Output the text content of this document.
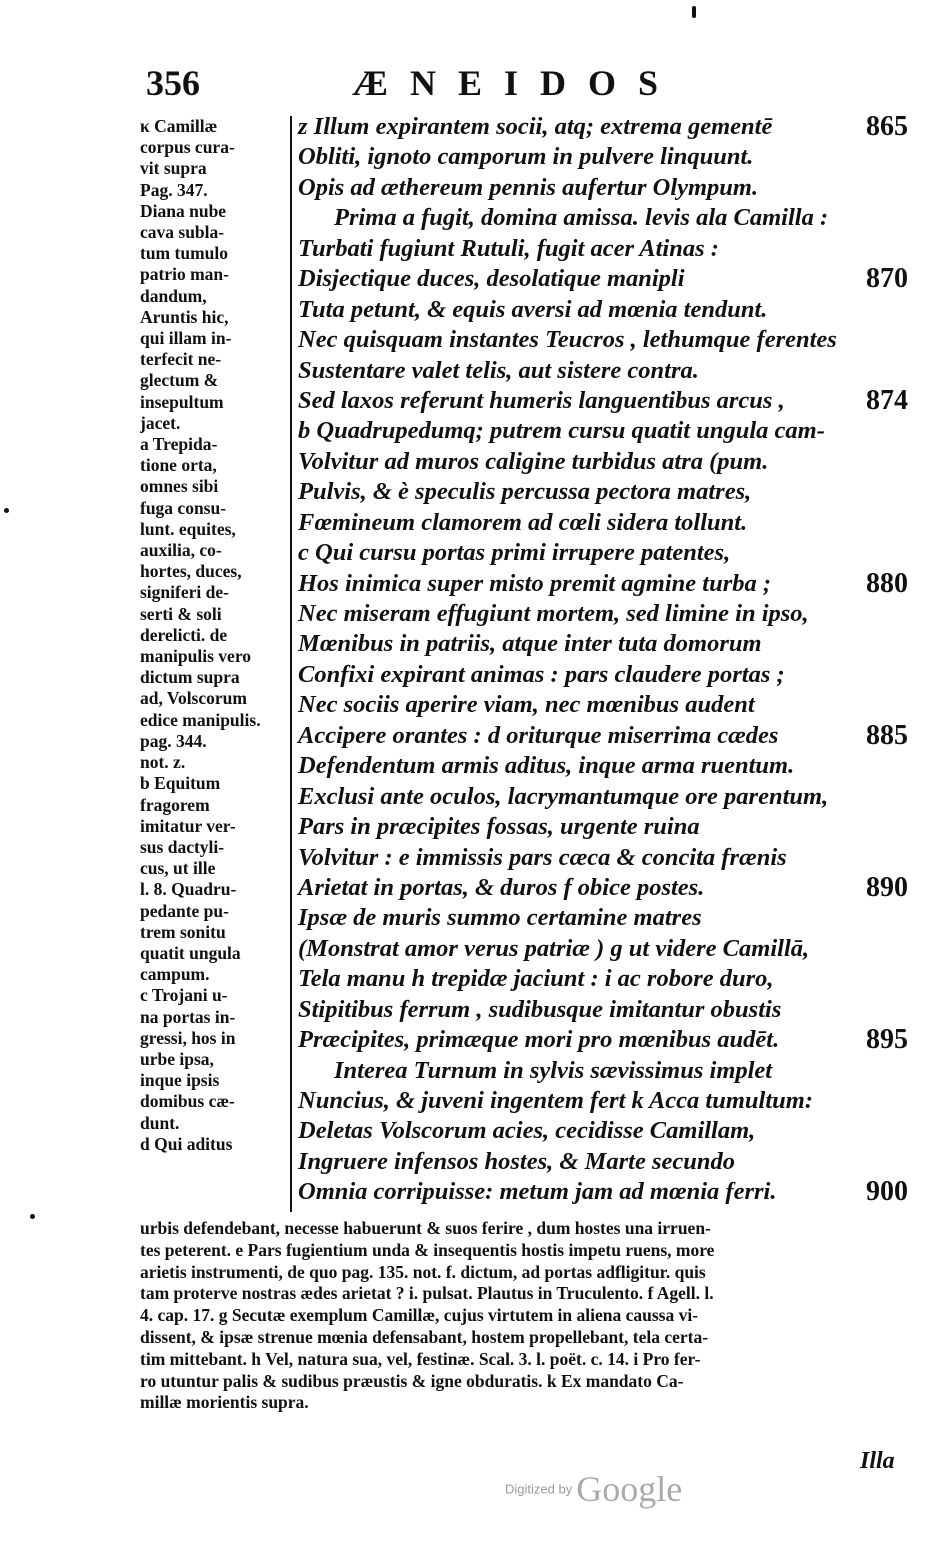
356	ÆNEIDOS
κ Camillæ
corpus cura-
vit supra
Pag. 347.
Diana nube
cava subla-
tum tumulo
patrio man-
dandum,
Aruntis hic,
qui illam in-
terfecit ne-
glectum &
insepultum
jacet.
a Trepida-
tione orta,
omnes sibi
fuga consu-
lunt. equites,
auxilia, co-
hortes, duces,
signiferi de-
serti & soli
derelicti. de
manipulis vero
dictum supra
ad, Volscorum
edice manipulis.
pag. 344.
not. z.
b Equitum
fragorem
imitatur ver-
sus dactyli-
cus, ut ille
l. 8. Quadru-
pedante pu-
trem sonitu
quatit ungula
campum.
c Trojani u-
na portas in-
gressi, hos in
urbe ipsa,
inque ipsis
domibus cæ-
dunt.
d Qui aditus
z Illum expirantem socii, atq; extrema gementē	865
Obliti, ignoto camporum in pulvere linquunt.
Opis ad æthereum pennis aufertur Olympum.
Prima a fugit, domina amissa. levis ala Camilla :
Turbati fugiunt Rutuli, fugit acer Atinas :
Disjectique duces, desolatique manipli	870
Tuta petunt, & equis aversi ad mœnia tendunt.
Nec quisquam instantes Teucros , lethumque ferentes
Sustentare valet telis, aut sistere contra.
Sed laxos referunt humeris languentibus arcus ,	874
b Quadrupedumq; putrem cursu quatit ungula cam-
Volvitur ad muros caligine turbidus atra (pum.
Pulvis, & è speculis percussa pectora matres,
Fœmineum clamorem ad cœli sidera tollunt.
c Qui cursu portas primi irrupere patentes,
Hos inimica super misto premit agmine turba ;	880
Nec miseram effugiunt mortem, sed limine in ipso,
Mœnibus in patriis, atque inter tuta domorum
Confixi expirant animas : pars claudere portas ;
Nec sociis aperire viam, nec mœnibus audent
Accipere orantes : d oriturque miserrima cædes	885
Defendentum armis aditus, inque arma ruentum.
Exclusi ante oculos, lacrymantumque ore parentum,
Pars in præcipites fossas, urgente ruina
Volvitur : e immissis pars cæca & concita frænis
Arietat in portas, & duros f obice postes.	890
Ipsæ de muris summo certamine matres
(Monstrat amor verus patriæ ) g ut videre Camillā,
Tela manu h trepidæ jaciunt : i ac robore duro,
Stipitibus ferrum , sudibusque imitantur obustis
Præcipites, primæque mori pro mœnibus audēt.	895
Interea Turnum in sylvis sævissimus implet
Nuncius, & juveni ingentem fert k Acca tumultum:
Deletas Volscorum acies, cecidisse Camillam,
Ingruere infensos hostes, & Marte secundo
Omnia corripuisse: metum jam ad mœnia ferri.	900
urbis defendebant, necesse habuerunt & suos ferire , dum hostes una irruen-
tes peterent. e Pars fugientium unda & insequentis hostis impetu ruens, more
arietis instrumenti, de quo pag. 135. not. f. dictum, ad portas adfligitur. quis
tam proterve nostras ædes arietat ? i. pulsat. Plautus in Truculento. f Agell. l.
4. cap. 17. g Secutæ exemplum Camillæ, cujus virtutem in aliena caussa vi-
dissent, & ipsæ strenue mœnia defensabant, hostem propellebant, tela certa-
tim mittebant. h Vel, natura sua, vel, festinæ. Scal. 3. l. poët. c. 14. i Pro fer-
ro utuntur palis & sudibus præustis & igne obduratis. k Ex mandato Ca-
millæ morientis supra.
Illa
Digitized by Google
